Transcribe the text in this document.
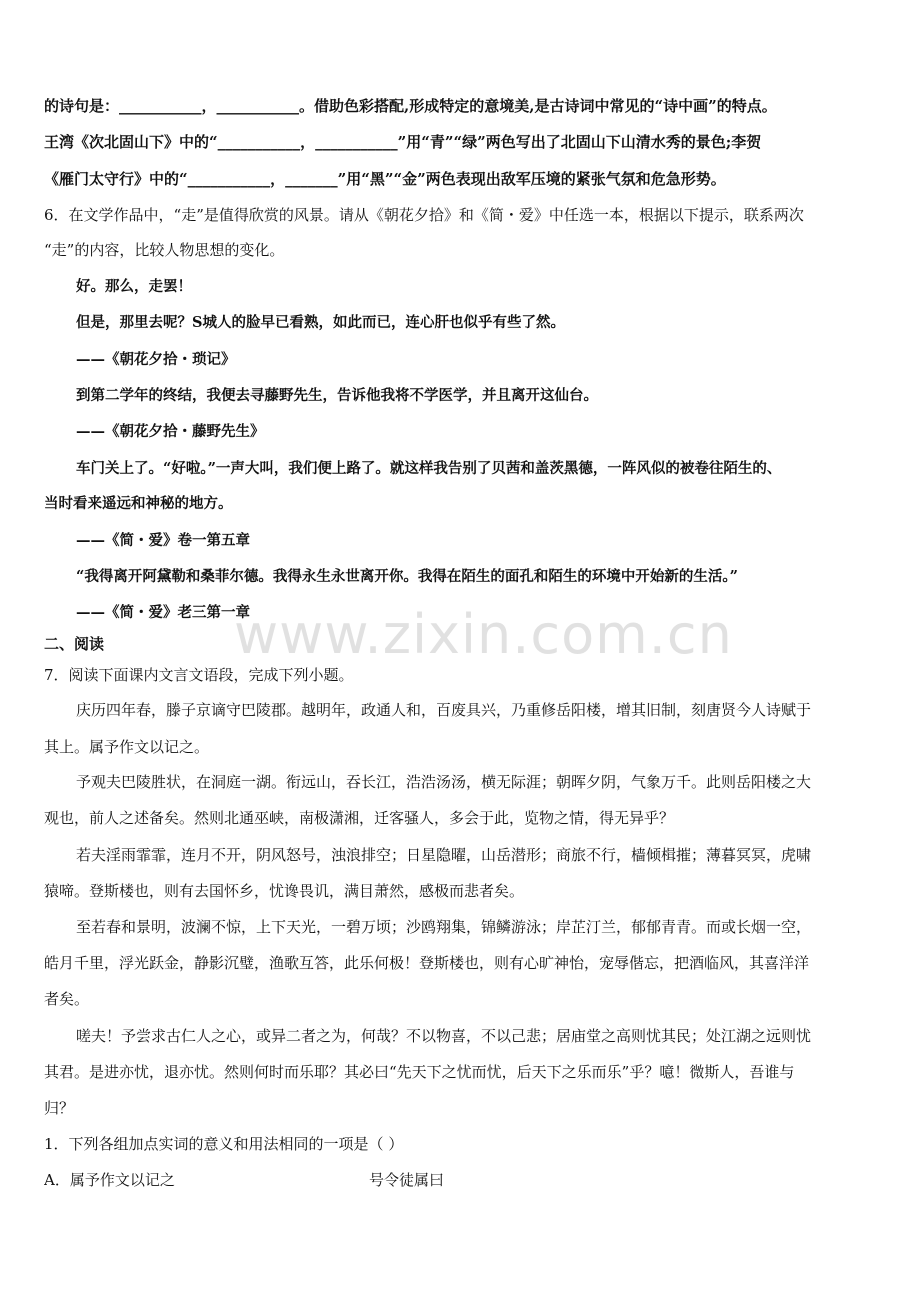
的诗句是：___________，___________。借助色彩搭配,形成特定的意境美,是古诗词中常见的“诗中画”的特点。
王湾《次北固山下》中的“___________，___________”用“青”“绿”两色写出了北固山下山清水秀的景色;李贺
《雁门太守行》中的“___________，_______”用“黑”“金”两色表现出敌军压境的紧张气氛和危急形势。
6．在文学作品中，“走”是值得欣赏的风景。请从《朝花夕拾》和《简・爱》中任选一本，根据以下提示，联系两次
“走”的内容，比较人物思想的变化。
好。那么，走罢！
但是，那里去呢？S城人的脸早已看熟，如此而已，连心肝也似乎有些了然。
——《朝花夕拾・琐记》
到第二学年的终结，我便去寻藤野先生，告诉他我将不学医学，并且离开这仙台。
——《朝花夕拾・藤野先生》
车门关上了。“好啦。”一声大叫，我们便上路了。就这样我告别了贝茜和盖茨黑德，一阵风似的被卷往陌生的、
当时看来遥远和神秘的地方。
——《简・爱》卷一第五章
“我得离开阿黛勒和桑菲尔德。我得永生永世离开你。我得在陌生的面孔和陌生的环境中开始新的生活。”
——《简・爱》老三第一章
二、阅读	www.zixin.com.cn
7．阅读下面课内文言文语段，完成下列小题。
庆历四年春，滕子京谪守巴陵郡。越明年，政通人和，百废具兴，乃重修岳阳楼，增其旧制，刻唐贤今人诗赋于
其上。属予作文以记之。
予观夫巴陵胜状，在洞庭一湖。衔远山，吞长江，浩浩汤汤，横无际涯；朝晖夕阴，气象万千。此则岳阳楼之大
观也，前人之述备矣。然则北通巫峡，南极潇湘，迁客骚人，多会于此，览物之情，得无异乎？
若夫淫雨霏霏，连月不开，阴风怒号，浊浪排空；日星隐曜，山岳潜形；商旅不行，樯倾楫摧；薄暮冥冥，虎啸
猿啼。登斯楼也，则有去国怀乡，忧谗畏讥，满目萧然，感极而悲者矣。
至若春和景明，波澜不惊，上下天光，一碧万顷；沙鸥翔集，锦鳞游泳；岸芷汀兰，郁郁青青。而或长烟一空，
皓月千里，浮光跃金，静影沉璧，渔歌互答，此乐何极！登斯楼也，则有心旷神怡，宠辱偕忘，把酒临风，其喜洋洋
者矣。
嗟夫！予尝求古仁人之心，或异二者之为，何哉？不以物喜，不以己悲；居庙堂之高则忧其民；处江湖之远则忧
其君。是进亦忧，退亦忧。然则何时而乐耶？其必曰“先天下之忧而忧，后天下之乐而乐”乎？噫！微斯人，吾谁与
归？
1．下列各组加点实词的意义和用法相同的一项是（ ）
A．属予作文以记之	号令徒属曰
